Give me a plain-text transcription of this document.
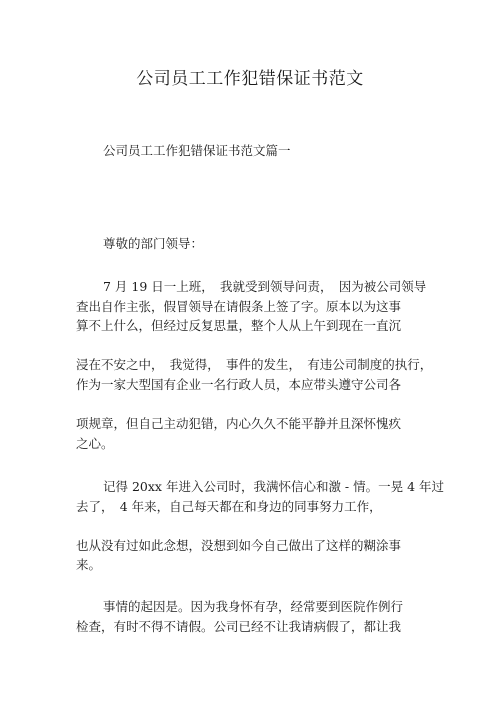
公司员工工作犯错保证书范文
公司员工工作犯错保证书范文篇一
尊敬的部门领导：
7 月 19 日一上班，　我就受到领导问责，　因为被公司领导
查出自作主张，假冒领导在请假条上签了字。原本以为这事
算不上什么，但经过反复思量，整个人从上午到现在一直沉
浸在不安之中，　我觉得，　事件的发生，　有违公司制度的执行，
作为一家大型国有企业一名行政人员，本应带头遵守公司各
项规章，但自己主动犯错，内心久久不能平静并且深怀愧疚
之心。
记得 20xx 年进入公司时，我满怀信心和激 - 情。一晃 4 年过
去了，　4 年来，自己每天都在和身边的同事努力工作，
也从没有过如此念想，没想到如今自己做出了这样的糊涂事
来。
事情的起因是。因为我身怀有孕，经常要到医院作例行
检查，有时不得不请假。公司已经不让我请病假了，都让我
